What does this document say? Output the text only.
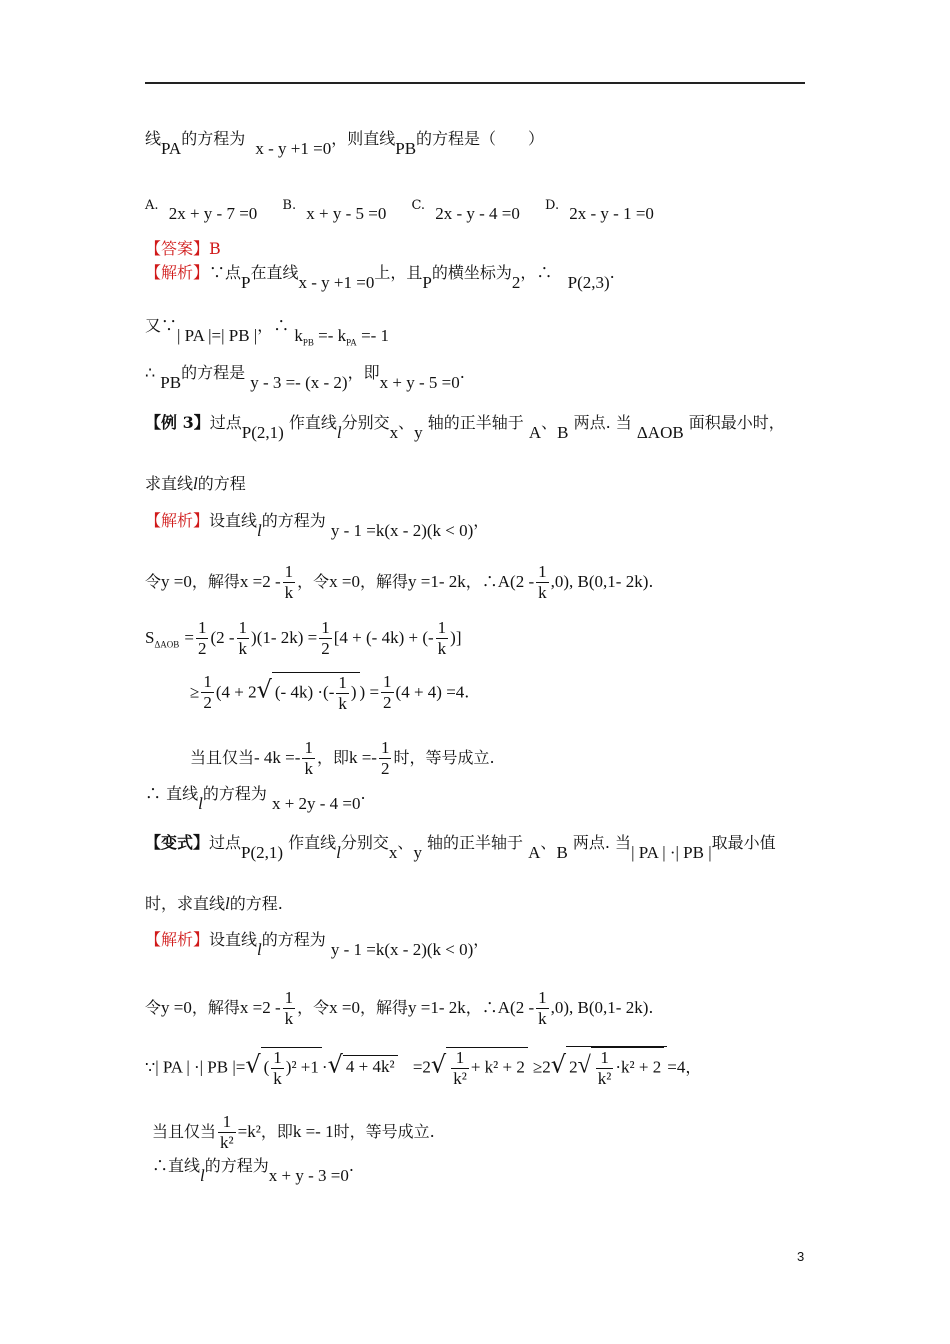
线PA的方程为  x - y +1 =0，则直线PB的方程是（　　）
A. 2x + y - 7 =0 B. x + y - 5 =0 C. 2x - y - 4 =0 D. 2x - y - 1 =0
【答案】B
【解析】∵点P在直线x - y +1 =0上，且P的横坐标为2，∴   P(2,3).
又∵| PA |=| PB |，∴ $k_{PB} =- k_{PA} =- 1$
∴ PB的方程是 y - 3 =- (x - 2)，即x + y - 5 =0.
【例 3】过点P(2,1) 作直线l分别交x、y 轴的正半轴于 A、B 两点. 当 ΔAOB 面积最小时，
求直线l的方程
【解析】设直线l的方程为 y - 1 =k(x - 2)(k < 0)，
令y =0，解得$x =2 - \frac{1}{k}$ ，令x =0，解得y =1- 2k，∴A(2 - $\frac{1}{k} ,0$), B(0,1- 2k).
$S_{\Delta AOB} = \frac{1}{2} (2 - \frac{1}{k} )(1-$ $2k) = \frac{1}{2} [4$ + (- 4k) + (- $\frac{1}{k}$ )]
≥ $\frac{1}{2} (4 + 2√$ (- 4k) ·(- $\frac{1}{k}$ ) ) = $\frac{1}{2} (4 + 4) =4$.
当且仅当- $4k =- \frac{1}{k}$ ，即$k =- \frac{1}{2}$ 时，等号成立.
∴ 直线l的方程为 x + 2y - 4 =0.
【变式】过点P(2,1) 作直线l分别交x、y 轴的正半轴于 A、B 两点. 当| PA | ·| PB |取最小值
时，求直线l的方程.
【解析】设直线l的方程为 y - 1 =k(x - 2)(k < 0)，
令y =0，解得$x =2 - \frac{1}{k}$ ，令x =0，解得y =1- 2k，∴A(2 - $\frac{1}{k} ,0$), B(0,1- 2k).
∵| PA | ·| PB |=√ ( $\frac{1}{k} )^2 +1$ ·√ $4 + 4k^2 =2√ \frac{1}{\text{k²}} + k^2 + 2 \ge 2√$ $2√ \frac{1}{\text{k²}} \cdot k^2 + 2 =4$，
当且仅当 $\frac{1}{\text{k²}} =k^2$，即k =- 1时，等号成立.
∴直线l的方程为x + y - 3 =0.
3
